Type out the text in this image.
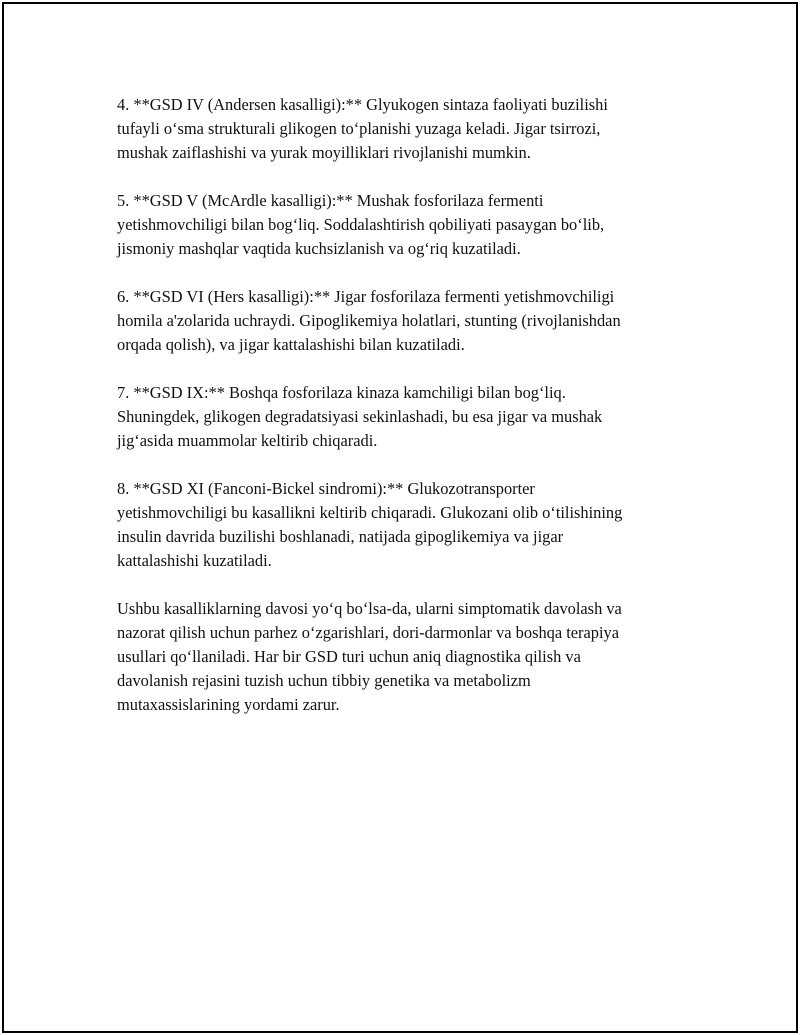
4. **GSD IV (Andersen kasalligi):** Glyukogen sintaza faoliyati buzilishi
tufayli o‘sma strukturali glikogen to‘planishi yuzaga keladi. Jigar tsirrozi,
mushak zaiflashishi va yurak moyilliklari rivojlanishi mumkin.

5. **GSD V (McArdle kasalligi):** Mushak fosforilaza fermenti
yetishmovchiligi bilan bog‘liq. Soddalashtirish qobiliyati pasaygan bo‘lib,
jismoniy mashqlar vaqtida kuchsizlanish va og‘riq kuzatiladi.

6. **GSD VI (Hers kasalligi):** Jigar fosforilaza fermenti yetishmovchiligi
homila a'zolarida uchraydi. Gipoglikemiya holatlari, stunting (rivojlanishdan
orqada qolish), va jigar kattalashishi bilan kuzatiladi.

7. **GSD IX:** Boshqa fosforilaza kinaza kamchiligi bilan bog‘liq.
Shuningdek, glikogen degradatsiyasi sekinlashadi, bu esa jigar va mushak
jig‘asida muammolar keltirib chiqaradi.

8. **GSD XI (Fanconi-Bickel sindromi):** Glukozotransporter
yetishmovchiligi bu kasallikni keltirib chiqaradi. Glukozani olib o‘tilishining
insulin davrida buzilishi boshlanadi, natijada gipoglikemiya va jigar
kattalashishi kuzatiladi.

Ushbu kasalliklarning davosi yo‘q bo‘lsa-da, ularni simptomatik davolash va
nazorat qilish uchun parhez o‘zgarishlari, dori-darmonlar va boshqa terapiya
usullari qo‘llaniladi. Har bir GSD turi uchun aniq diagnostika qilish va
davolanish rejasini tuzish uchun tibbiy genetika va metabolizm
mutaxassislarining yordami zarur.
